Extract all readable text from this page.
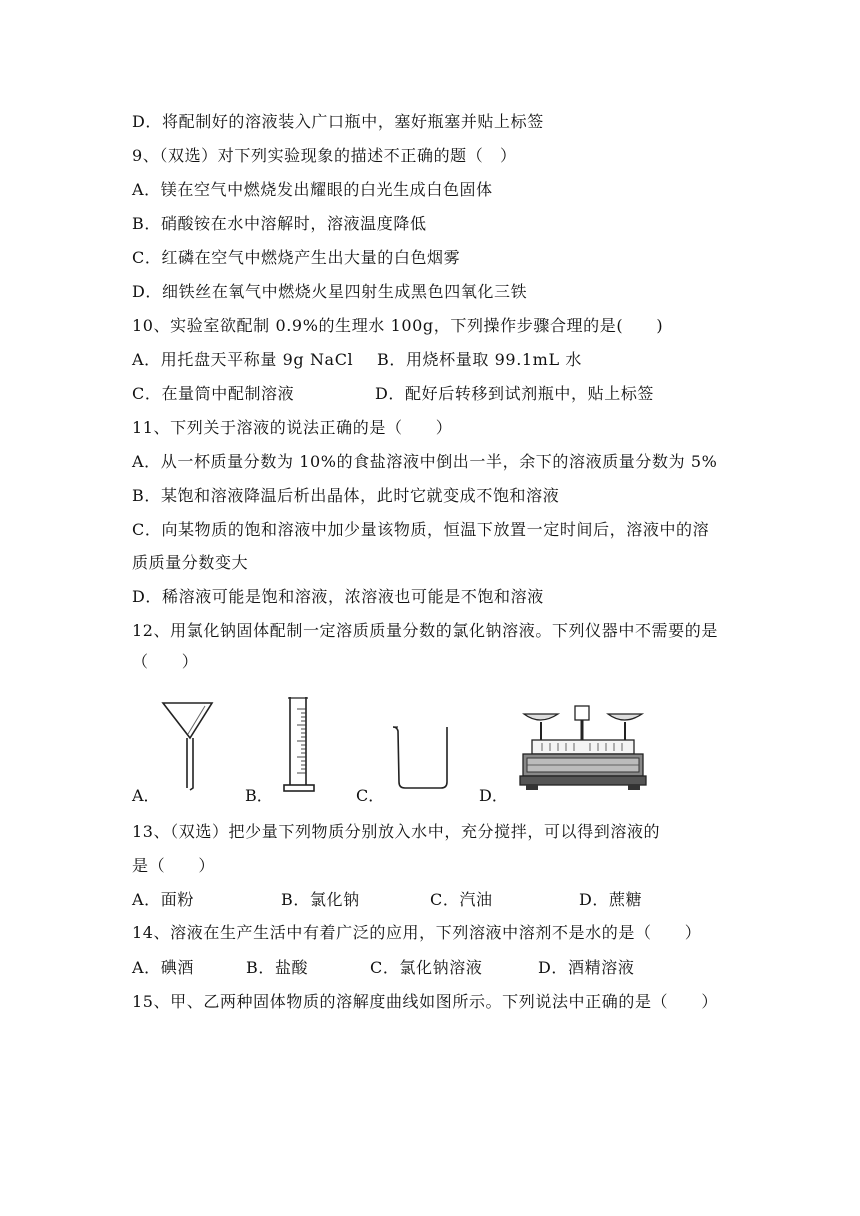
D．将配制好的溶液装入广口瓶中，塞好瓶塞并贴上标签
9、（双选）对下列实验现象的描述不正确的题（　）
A．镁在空气中燃烧发出耀眼的白光生成白色固体
B．硝酸铵在水中溶解时，溶液温度降低
C．红磷在空气中燃烧产生出大量的白色烟雾
D．细铁丝在氧气中燃烧火星四射生成黑色四氧化三铁
10、实验室欲配制 0.9%的生理水 100g，下列操作步骤合理的是(　　)
A．用托盘天平称量 9g NaCl B．用烧杯量取 99.1mL 水
C．在量筒中配制溶液	D．配好后转移到试剂瓶中，贴上标签
11、下列关于溶液的说法正确的是（　　）
A．从一杯质量分数为 10%的食盐溶液中倒出一半，余下的溶液质量分数为 5%
B．某饱和溶液降温后析出晶体，此时它就变成不饱和溶液
C．向某物质的饱和溶液中加少量该物质，恒温下放置一定时间后，溶液中的溶
质质量分数变大
D．稀溶液可能是饱和溶液，浓溶液也可能是不饱和溶液
12、用氯化钠固体配制一定溶质质量分数的氯化钠溶液。下列仪器中不需要的是
（　　）
A．	B．	C．	D．
13、（双选）把少量下列物质分别放入水中，充分搅拌，可以得到溶液的
是（　　）
A．面粉	B．氯化钠	C．汽油	D．蔗糖
14、溶液在生产生活中有着广泛的应用，下列溶液中溶剂不是水的是（　　）
A．碘酒	B．盐酸	C．氯化钠溶液	D．酒精溶液
15、甲、乙两种固体物质的溶解度曲线如图所示。下列说法中正确的是（　　）
